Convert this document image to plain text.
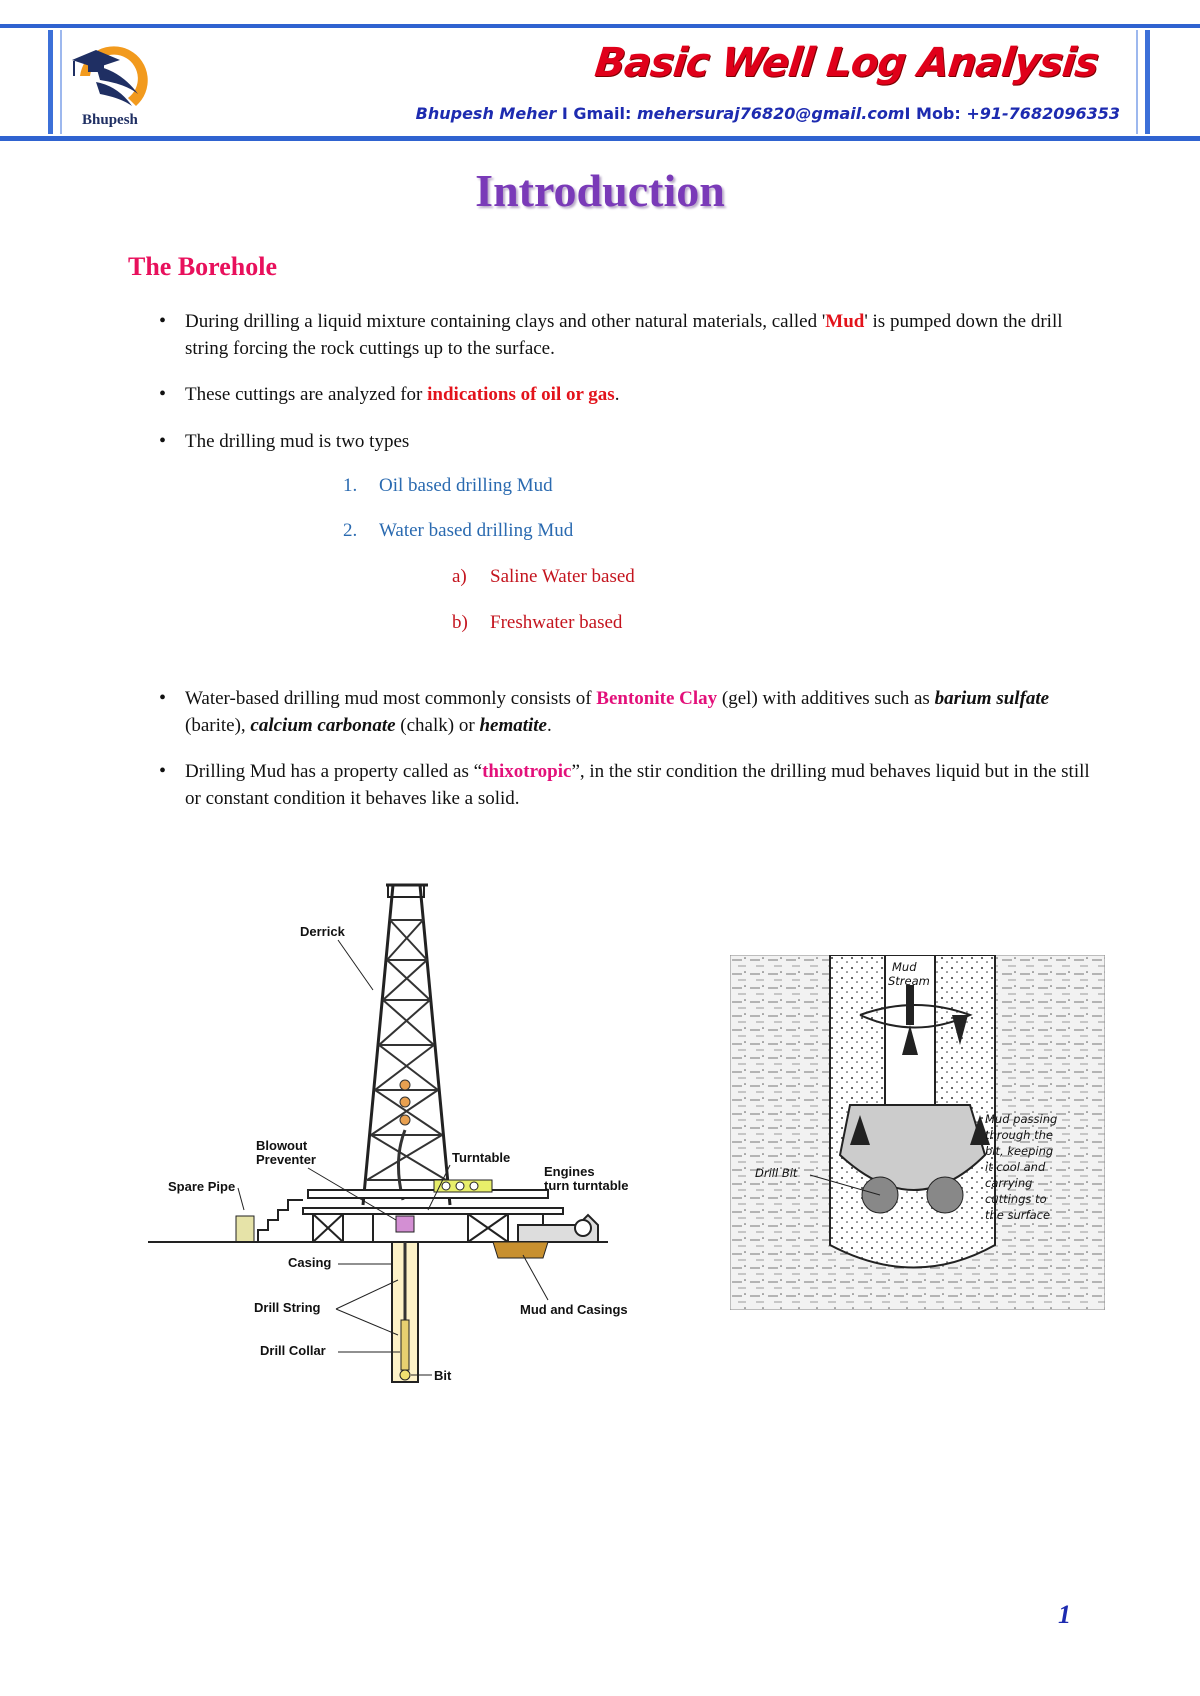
Bhupesh
Basic Well Log Analysis
Bhupesh Meher I Gmail: mehersuraj76820@gmail.comI Mob: +91-7682096353
Introduction
The Borehole
• During drilling a liquid mixture containing clays and other natural materials, called 'Mud' is pumped down the drill string forcing the rock cuttings up to the surface.
• These cuttings are analyzed for indications of oil or gas.
• The drilling mud is two types
1. Oil based drilling Mud
2. Water based drilling Mud
a) Saline Water based
b) Freshwater based
• Water-based drilling mud most commonly consists of Bentonite Clay (gel) with additives such as barium sulfate (barite), calcium carbonate (chalk) or hematite.
• Drilling Mud has a property called as “thixotropic”, in the stir condition the drilling mud behaves liquid but in the still or constant condition it behaves like a solid.
Derrick
Blowout
Preventer	Turntable
Engines
turn turntable
Spare Pipe
Casing
Drill String
Drill Collar
Bit
Mud and Casings
Mud
Stream
Drill Bit
Mud passing
through the
bit, keeping
it cool and
carrying
cuttings to
the surface
1
